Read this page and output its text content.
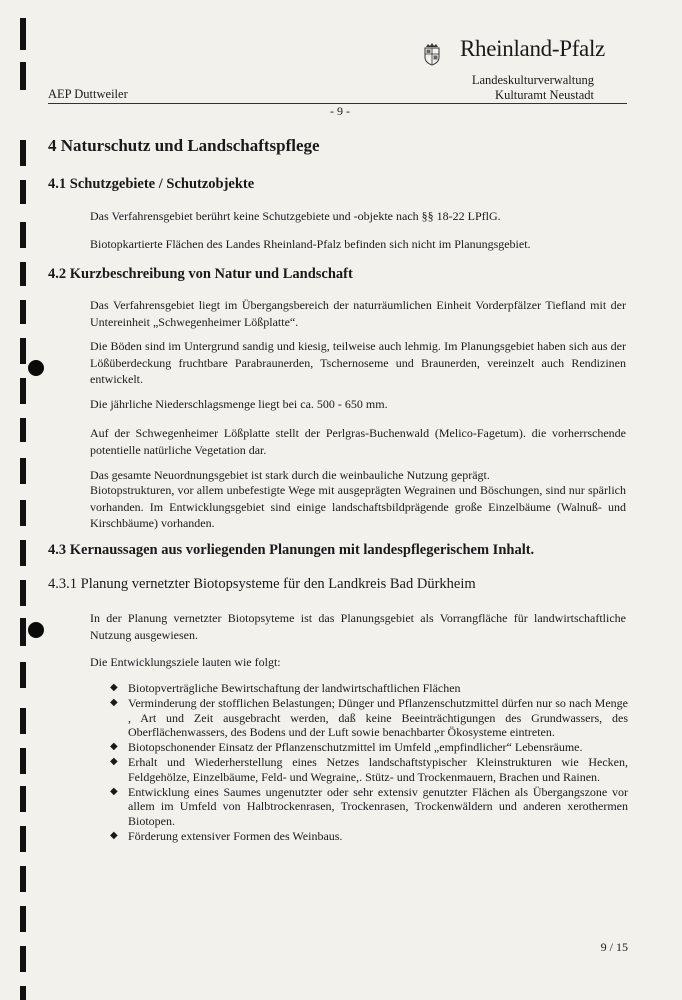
Rheinland-Pfalz
Landeskulturverwaltung
Kulturamt Neustadt
AEP Duttweiler
- 9 -
4 Naturschutz und Landschaftspflege
4.1 Schutzgebiete / Schutzobjekte

Das Verfahrensgebiet berührt keine Schutzgebiete und -objekte nach §§ 18-22 LPflG.

Biotopkartierte Flächen des Landes Rheinland-Pfalz befinden sich nicht im Planungsgebiet.

4.2 Kurzbeschreibung von Natur und Landschaft

Das Verfahrensgebiet liegt im Übergangsbereich der naturräumlichen Einheit Vorderpfälzer Tiefland mit der Untereinheit „Schwegenheimer Lößplatte“.

Die Böden sind im Untergrund sandig und kiesig, teilweise auch lehmig. Im Planungsgebiet haben sich aus der Lößüberdeckung fruchtbare Parabraunerden, Tschernoseme und Braunerden, vereinzelt auch Rendizinen entwickelt.

Die jährliche Niederschlagsmenge liegt bei ca. 500 - 650 mm.

Auf der Schwegenheimer Lößplatte stellt der Perlgras-Buchenwald (Melico-Fagetum). die vorherrschende potentielle natürliche Vegetation dar.

Das gesamte Neuordnungsgebiet ist stark durch die weinbauliche Nutzung geprägt.

Biotopstrukturen, vor allem unbefestigte Wege mit ausgeprägten Wegrainen und Böschungen, sind nur spärlich vorhanden. Im Entwicklungsgebiet sind einige landschaftsbildprägende große Einzelbäume (Walnuß- und Kirschbäume) vorhanden.

4.3 Kernaussagen aus vorliegenden Planungen mit landespflegerischem Inhalt.
4.3.1 Planung vernetzter Biotopsysteme für den Landkreis Bad Dürkheim

In der Planung vernetzter Biotopsyteme ist das Planungsgebiet als Vorrangfläche für landwirtschaftliche Nutzung ausgewiesen.

Die Entwicklungsziele lauten wie folgt:

◆ Biotopverträgliche Bewirtschaftung der landwirtschaftlichen Flächen
◆ Verminderung der stofflichen Belastungen; Dünger und Pflanzenschutzmittel dürfen nur so nach Menge , Art und Zeit ausgebracht werden, daß keine Beeinträchtigungen des Grundwassers, des Oberflächenwassers, des Bodens und der Luft sowie benachbarter Ökosysteme eintreten.
◆ Biotopschonender Einsatz der Pflanzenschutzmittel im Umfeld „empfindlicher“ Lebensräume.
◆ Erhalt und Wiederherstellung eines Netzes landschaftstypischer Kleinstrukturen wie Hecken, Feldgehölze, Einzelbäume, Feld- und Wegraine,. Stütz- und Trockenmauern, Brachen und Rainen.
◆ Entwicklung eines Saumes ungenutzter oder sehr extensiv genutzter Flächen als Übergangszone vor allem im Umfeld von Halbtrockenrasen, Trockenrasen, Trockenwäldern und anderen xerothermen Biotopen.
◆ Förderung extensiver Formen des Weinbaus.
9 / 15
